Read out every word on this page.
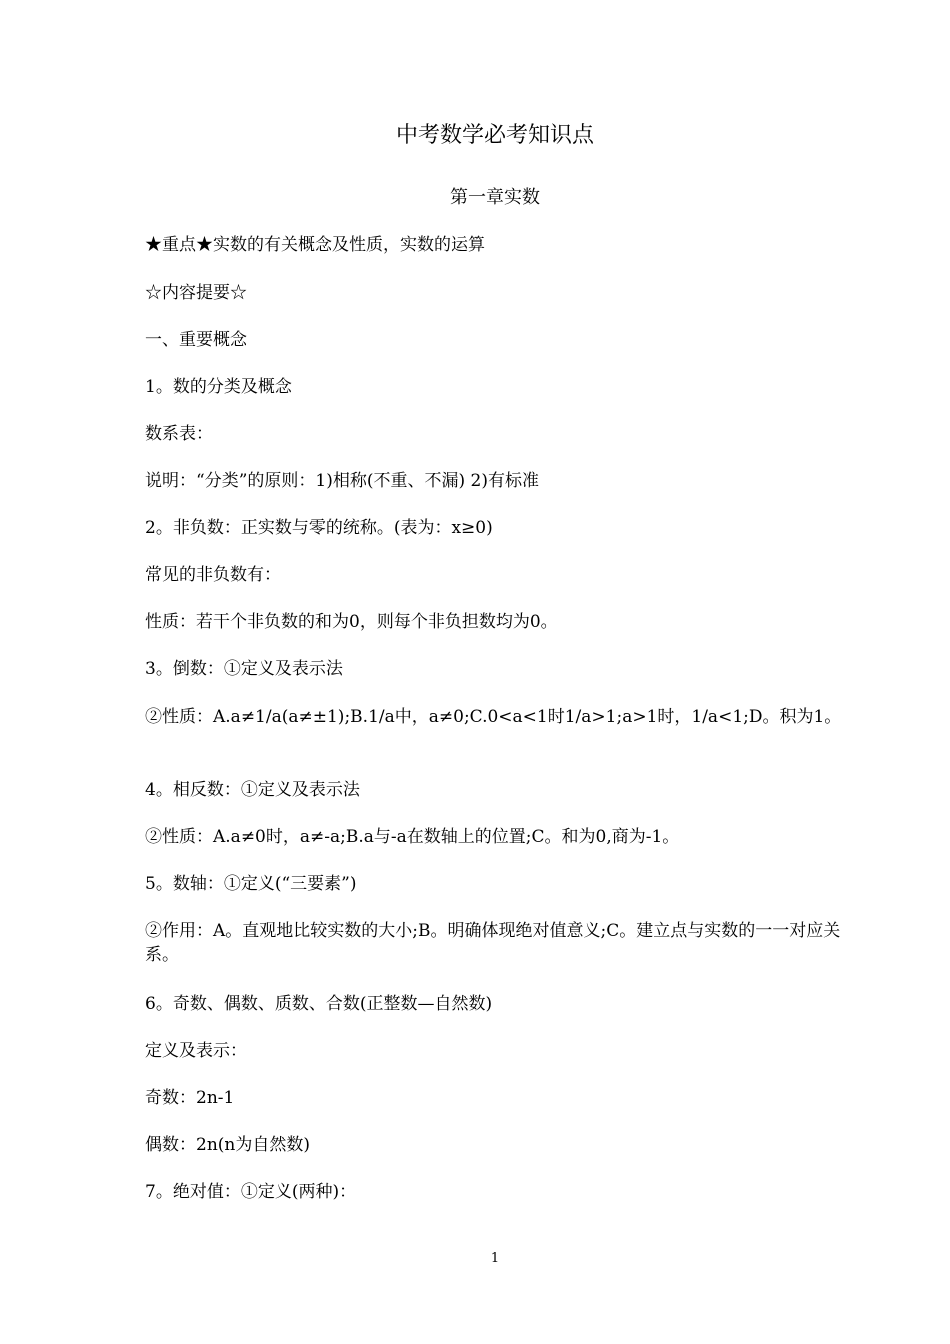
中考数学必考知识点
第一章实数
★重点★实数的有关概念及性质，实数的运算
☆内容提要☆
一、重要概念
1。数的分类及概念
数系表：
说明：“分类”的原则：1)相称(不重、不漏) 2)有标准
2。非负数：正实数与零的统称。(表为：x≥0)
常见的非负数有：
性质：若干个非负数的和为0，则每个非负担数均为0。
3。倒数：①定义及表示法
②性质：A.a≠1/a(a≠±1);B.1/a中，a≠0;C.0<a<1时1/a>1;a>1时，1/a<1;D。积为1。
4。相反数：①定义及表示法
②性质：A.a≠0时，a≠-a;B.a与-a在数轴上的位置;C。和为0,商为-1。
5。数轴：①定义(“三要素”)
②作用：A。直观地比较实数的大小;B。明确体现绝对值意义;C。建立点与实数的一一对应关系。
6。奇数、偶数、质数、合数(正整数—自然数)
定义及表示：
奇数：2n-1
偶数：2n(n为自然数)
7。绝对值：①定义(两种)：
1
